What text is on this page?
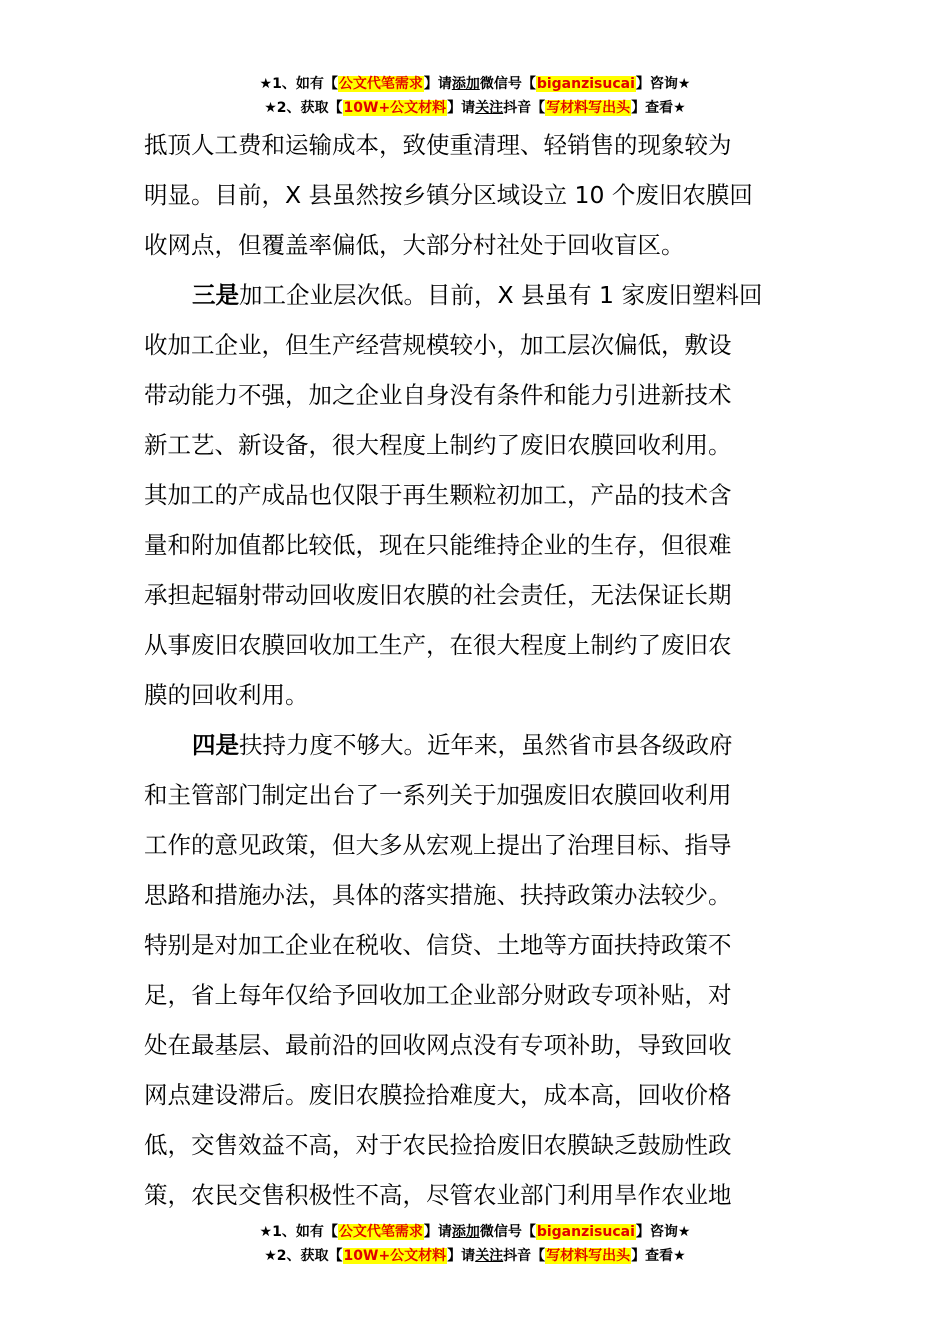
★1、如有【公文代笔需求】请添加微信号【biganzisucai】咨询★
★2、获取【10W+公文材料】请关注抖音【写材料写出头】查看★
抵顶人工费和运输成本，致使重清理、轻销售的现象较为
明显。目前，X 县虽然按乡镇分区域设立 10 个废旧农膜回
收网点，但覆盖率偏低，大部分村社处于回收盲区。
三是加工企业层次低。目前，X 县虽有 1 家废旧塑料回
收加工企业，但生产经营规模较小，加工层次偏低，敷设
带动能力不强，加之企业自身没有条件和能力引进新技术
新工艺、新设备，很大程度上制约了废旧农膜回收利用。
其加工的产成品也仅限于再生颗粒初加工，产品的技术含
量和附加值都比较低，现在只能维持企业的生存，但很难
承担起辐射带动回收废旧农膜的社会责任，无法保证长期
从事废旧农膜回收加工生产，在很大程度上制约了废旧农
膜的回收利用。
四是扶持力度不够大。近年来，虽然省市县各级政府
和主管部门制定出台了一系列关于加强废旧农膜回收利用
工作的意见政策，但大多从宏观上提出了治理目标、指导
思路和措施办法，具体的落实措施、扶持政策办法较少。
特别是对加工企业在税收、信贷、土地等方面扶持政策不
足，省上每年仅给予回收加工企业部分财政专项补贴，对
处在最基层、最前沿的回收网点没有专项补助，导致回收
网点建设滞后。废旧农膜捡拾难度大，成本高，回收价格
低，交售效益不高，对于农民捡拾废旧农膜缺乏鼓励性政
策，农民交售积极性不高，尽管农业部门利用旱作农业地
★1、如有【公文代笔需求】请添加微信号【biganzisucai】咨询★
★2、获取【10W+公文材料】请关注抖音【写材料写出头】查看★
